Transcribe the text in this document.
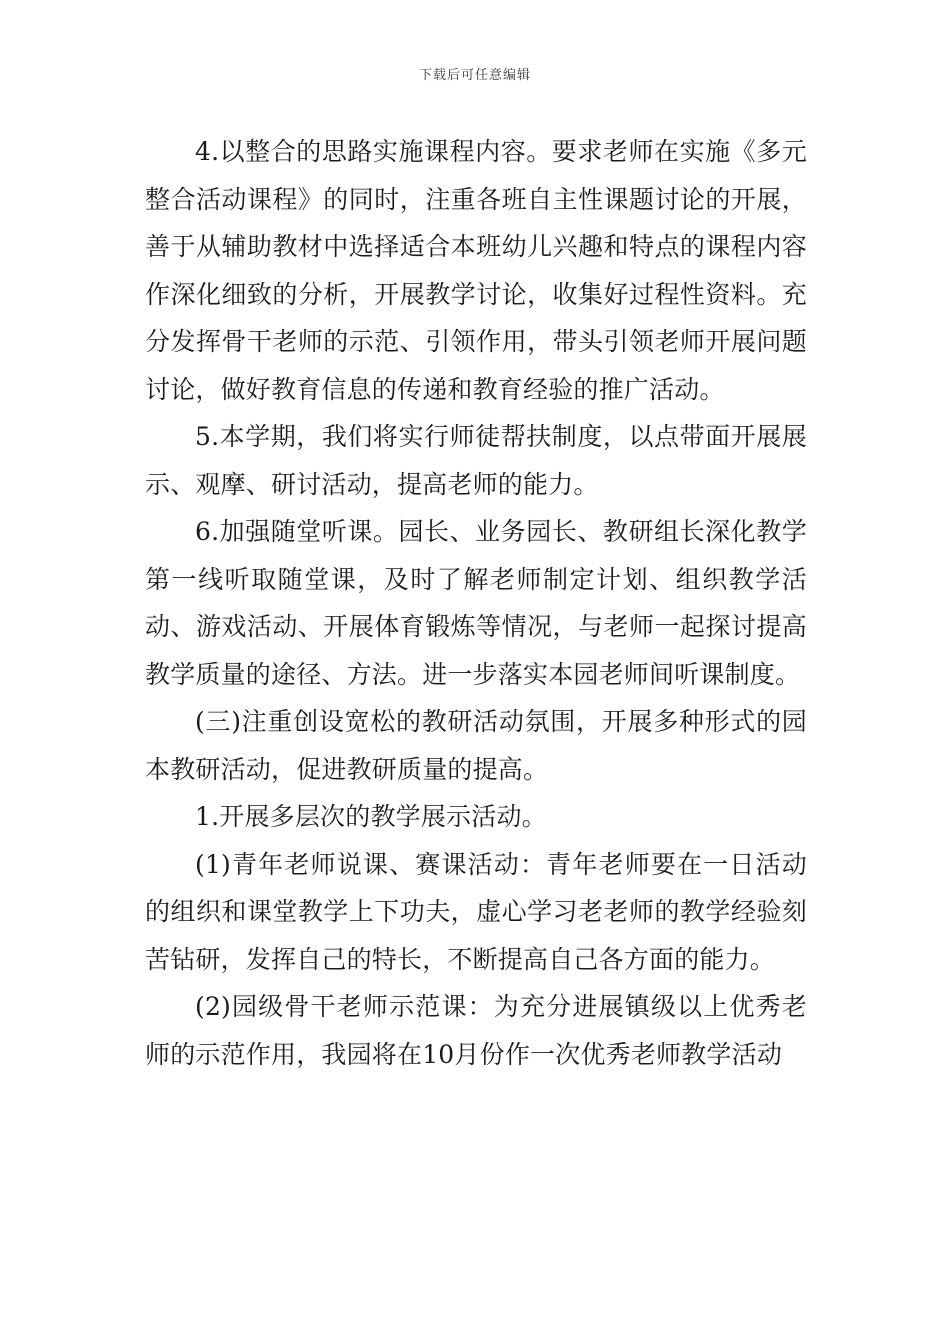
下载后可任意编辑

4.以整合的思路实施课程内容。要求老师在实施《多元整合活动课程》的同时，注重各班自主性课题讨论的开展，善于从辅助教材中选择适合本班幼儿兴趣和特点的课程内容作深化细致的分析，开展教学讨论，收集好过程性资料。充分发挥骨干老师的示范、引领作用，带头引领老师开展问题讨论，做好教育信息的传递和教育经验的推广活动。

5.本学期，我们将实行师徒帮扶制度，以点带面开展展示、观摩、研讨活动，提高老师的能力。

6.加强随堂听课。园长、业务园长、教研组长深化教学第一线听取随堂课，及时了解老师制定计划、组织教学活动、游戏活动、开展体育锻炼等情况，与老师一起探讨提高教学质量的途径、方法。进一步落实本园老师间听课制度。

(三)注重创设宽松的教研活动氛围，开展多种形式的园本教研活动，促进教研质量的提高。

1.开展多层次的教学展示活动。

(1)青年老师说课、赛课活动：青年老师要在一日活动的组织和课堂教学上下功夫，虚心学习老老师的教学经验刻苦钻研，发挥自己的特长，不断提高自己各方面的能力。

(2)园级骨干老师示范课：为充分进展镇级以上优秀老师的示范作用，我园将在10月份作一次优秀老师教学活动
